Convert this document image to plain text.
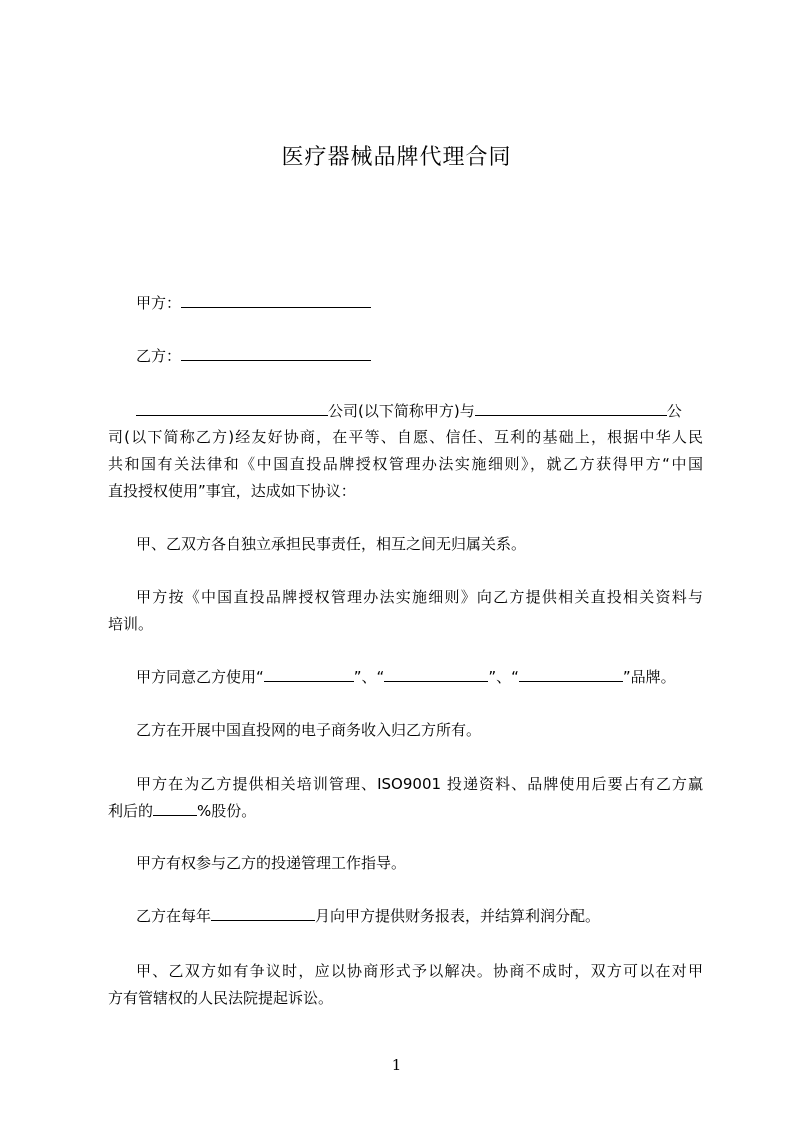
医疗器械品牌代理合同
甲方：
乙方：
公司(以下简称甲方)与	公
司(以下简称乙方)经友好协商，在平等、自愿、信任、互利的基础上，根据中华人民
共和国有关法律和《中国直投品牌授权管理办法实施细则》，就乙方获得甲方“中国
直投授权使用”事宜，达成如下协议：
甲、乙双方各自独立承担民事责任，相互之间无归属关系。
甲方按《中国直投品牌授权管理办法实施细则》向乙方提供相关直投相关资料与
培训。
甲方同意乙方使用“	”、“	”、“	”品牌。
乙方在开展中国直投网的电子商务收入归乙方所有。
甲方在为乙方提供相关培训管理、ISO9001 投递资料、品牌使用后要占有乙方赢
利后的	%股份。
甲方有权参与乙方的投递管理工作指导。
乙方在每年	月向甲方提供财务报表，并结算利润分配。
甲、乙双方如有争议时，应以协商形式予以解决。协商不成时，双方可以在对甲
方有管辖权的人民法院提起诉讼。
1
